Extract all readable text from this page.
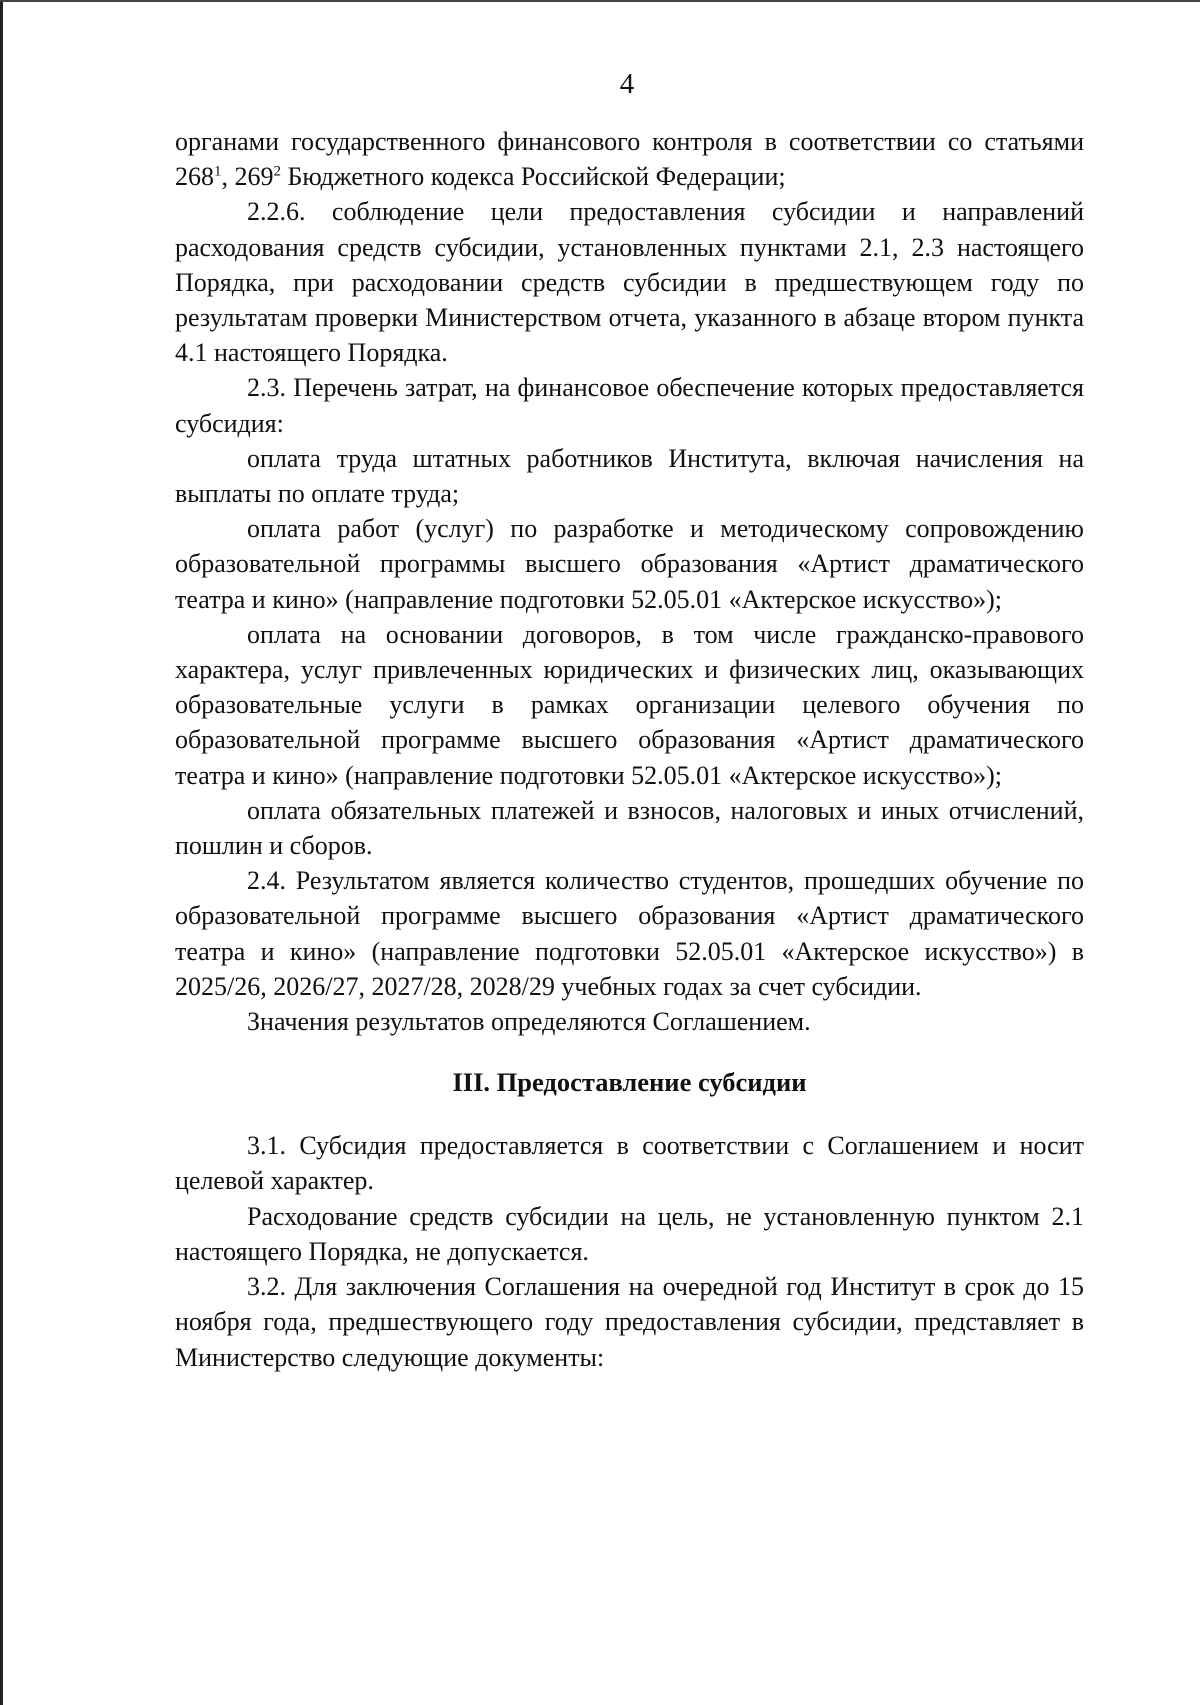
4

органами государственного финансового контроля в соответствии со статьями $268^1$, $269^2$ Бюджетного кодекса Российской Федерации;

2.2.6. соблюдение цели предоставления субсидии и направлений расходования средств субсидии, установленных пунктами 2.1, 2.3 настоящего Порядка, при расходовании средств субсидии в предшествующем году по результатам проверки Министерством отчета, указанного в абзаце втором пункта 4.1 настоящего Порядка.

2.3. Перечень затрат, на финансовое обеспечение которых предоставляется субсидия:

оплата труда штатных работников Института, включая начисления на выплаты по оплате труда;

оплата работ (услуг) по разработке и методическому сопровождению образовательной программы высшего образования «Артист драматического театра и кино» (направление подготовки 52.05.01 «Актерское искусство»);

оплата на основании договоров, в том числе гражданско-правового характера, услуг привлеченных юридических и физических лиц, оказывающих образовательные услуги в рамках организации целевого обучения по образовательной программе высшего образования «Артист драматического театра и кино» (направление подготовки 52.05.01 «Актерское искусство»);

оплата обязательных платежей и взносов, налоговых и иных отчислений, пошлин и сборов.

2.4. Результатом является количество студентов, прошедших обучение по образовательной программе высшего образования «Артист драматического театра и кино» (направление подготовки 52.05.01 «Актерское искусство») в 2025/26, 2026/27, 2027/28, 2028/29 учебных годах за счет субсидии.

Значения результатов определяются Соглашением.

III. Предоставление субсидии

3.1. Субсидия предоставляется в соответствии с Соглашением и носит целевой характер.

Расходование средств субсидии на цель, не установленную пунктом 2.1 настоящего Порядка, не допускается.

3.2. Для заключения Соглашения на очередной год Институт в срок до 15 ноября года, предшествующего году предоставления субсидии, представляет в Министерство следующие документы:
